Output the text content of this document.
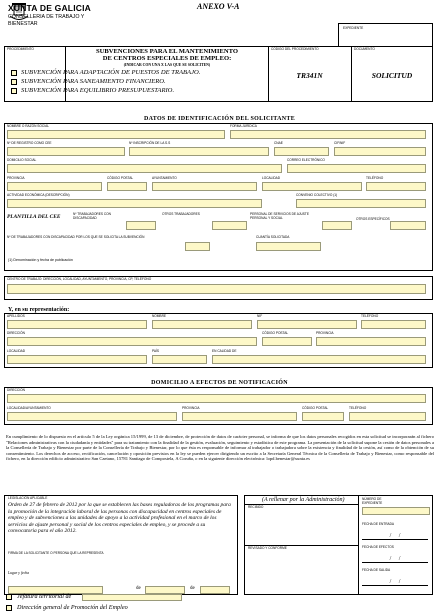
XUNTA DE GALICIA
CONSELLERIA DE TRABAJO Y
BIENESTAR
ANEXO V-A
EXPEDIENTE
PROCEDIMIENTO	SUBVENCIONES PARA EL MANTENIMIENTO
DE CENTROS ESPECIALES DE EMPLEO:
(INDICAR CON UNA X LAS QUE SE SOLICITEN)
SUBVENCIÓN PARA ADAPTACIÓN DE PUESTOS DE TRABAJO.
SUBVENCIÓN PARA SANEAMIENTO FINANCIERO.
SUBVENCIÓN PARA EQUILIBRIO PRESUPUESTARIO.
CÓDIGO DEL PROCEDIMIENTO
TR341N
DOCUMENTO
SOLICITUD
DATOS DE IDENTIFICACIÓN DEL SOLICITANTE
NOMBRE O RAZÓN SOCIAL	FORMA JURÍDICA
Nº DE REGISTRO COMO CEE	Nº INSCRIPCIÓN DE LA S.S	CNAE	CIF/NIF
DOMICILIO SOCIAL	CORREO ELECTRÓNICO
PROVINCIA	CÓDIGO POSTAL	AYUNTAMIENTO	LOCALIDAD	TELÉFONO
ACTIVIDAD ECONÓMICA (DESCRIPCIÓN)	CONVENIO COLECTIVO (1)
PLANTILLA DEL CEE	Nº TRABAJADORES CON DISCAPACIDAD
OTROS TRABAJADORES	PERSONAL DE SERVICIOS DE AJUSTE PERSONAL Y SOCIAL	OTROS ESPECÍFICOS
Nº DE TRABAJADORES CON DISCAPACIDAD POR LOS QUE SE SOLICITA LA SUBVENCIÓN	CUANTÍA SOLICITADA
(1) Denominación y fecha de publicación
CENTRO DE TRABAJO: DIRECCIÓN, LOCALIDAD, AYUNTAMIENTO, PROVINCIA, CP, TELÉFONO
Y, en su representación:
APELLIDOS	NOMBRE	NIF	TELÉFONO
DIRECCIÓN	CÓDIGO POSTAL	PROVINCIA
LOCALIDAD	PAÍS	EN CALIDAD DE
DOMICILIO A EFECTOS DE NOTIFICACIÓN
DIRECCIÓN
LOCALIDAD/AYUNTAMIENTO	PROVINCIA	CÓDIGO POSTAL	TELÉFONO
En cumplimiento de lo dispuesto en el artículo 5 de la Ley orgánica 15/1999, de 13 de diciembre, de protección de datos de carácter personal, se informa de que los datos personales recogidos en esta solicitud se incorporarán al fichero "Relaciones administrativas con la ciudadanía y entidades" para su tratamiento con la finalidad de la gestión, evaluación, seguimiento y estadística de este programa. La presentación de la solicitud supone la cesión de datos personales a la Consellería de Trabajo y Bienestar por parte de la Consellería de Trabajo y Bienestar, por lo que ésta es responsable de informar al trabajador o trabajadora sobre la existencia y finalidad de la cesión, así como de la obtención de su consentimiento. Los derechos de acceso, rectificación, cancelación y oposición previstos en la ley se pueden ejercer dirigiendo un escrito a la Secretaría General Técnica de la Consellería de Trabajo y Bienestar, como responsable del fichero, en la dirección edificio administrativo San Caetano, 15781 Santiago de Compostela, A Coruña, o en la siguiente dirección electrónica: lopd.benestar@xunta.es
LEGISLACIÓN APLICABLE
Orden de 27 de febrero de 2012 por la que se establecen las bases reguladoras de los programas para la promoción de la integración laboral de las personas con discapacidad en centros especiales de empleo y de subvenciones a las unidades de apoyo a la actividad profesional en el marco de los servicios de ajuste personal y social de los centros especiales de empleo, y se procede a su convocatoria para el año 2012.
FIRMA DE LA SOLICITANTE O PERSONA QUE LA REPRESENTA
Lugar y fecha
de	de
(A rellenar por la Administración)
RECIBIDO
REVISADO Y CONFORME
NÚMERO DE EXPEDIENTE
FECHA DE ENTRADA
/     /
FECHA DE EFECTOS
/     /
FECHA DE SALIDA
/     /
Jefatura territorial de
Dirección general de Promoción del Empleo
